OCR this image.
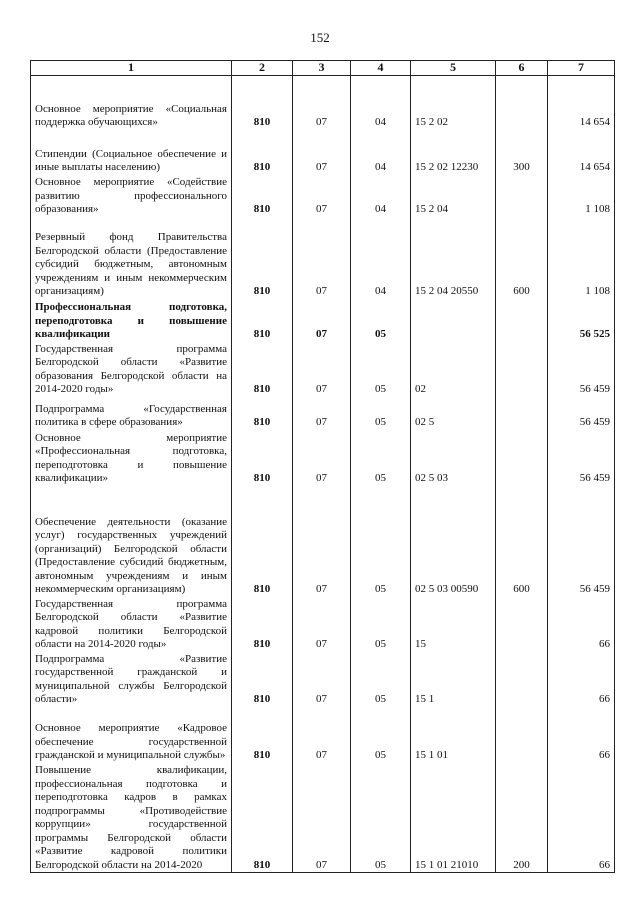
152
1	2	3	4	5	6	7
Основное мероприятие «Социальная поддержка обучающихся»	810	07	04	15 2 02		14 654
Стипендии (Социальное обеспечение и иные выплаты населению)	810	07	04	15 2 02 12230	300	14 654
Основное мероприятие «Содействие развитию профессионального образования»	810	07	04	15 2 04		1 108
Резервный фонд Правительства Белгородской области (Предоставление субсидий бюджетным, автономным учреждениям и иным некоммерческим организациям)	810	07	04	15 2 04 20550	600	1 108
Профессиональная подготовка, переподготовка и повышение квалификации	810	07	05			56 525
Государственная программа Белгородской области «Развитие образования Белгородской области на 2014-2020 годы»	810	07	05	02		56 459
Подпрограмма «Государственная политика в сфере образования»	810	07	05	02 5		56 459
Основное мероприятие «Профессиональная подготовка, переподготовка и повышение квалификации»	810	07	05	02 5 03		56 459
Обеспечение деятельности (оказание услуг) государственных учреждений (организаций) Белгородской области (Предоставление субсидий бюджетным, автономным учреждениям и иным некоммерческим организациям)	810	07	05	02 5 03 00590	600	56 459
Государственная программа Белгородской области «Развитие кадровой политики Белгородской области на 2014-2020 годы»	810	07	05	15		66
Подпрограмма «Развитие государственной гражданской и муниципальной службы Белгородской области»	810	07	05	15 1		66
Основное мероприятие «Кадровое обеспечение государственной гражданской и муниципальной службы»	810	07	05	15 1 01		66
Повышение квалификации, профессиональная подготовка и переподготовка кадров в рамках подпрограммы «Противодействие коррупции» государственной программы Белгородской области «Развитие кадровой политики Белгородской области на 2014-2020	810	07	05	15 1 01 21010	200	66
